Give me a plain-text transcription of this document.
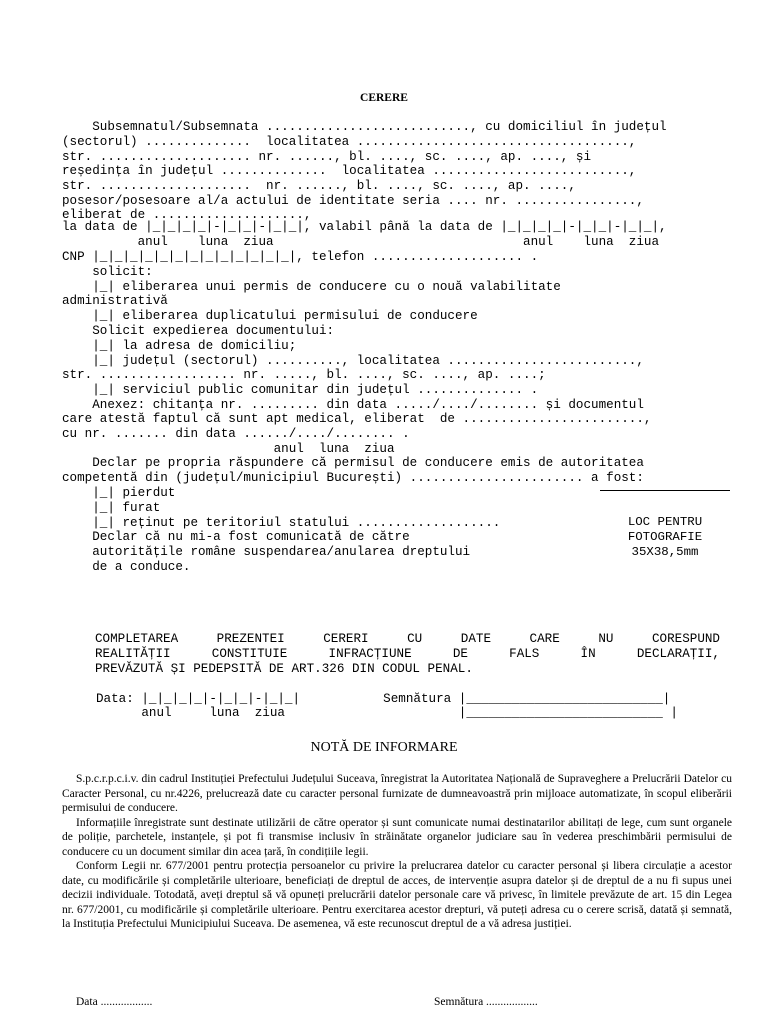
CERERE
Subsemnatul/Subsemnata ..........................., cu domiciliul în județul
(sectorul) ..............  localitatea ....................................,
str. .................... nr. ......, bl. ...., sc. ...., ap. ...., și
reședința în județul ..............  localitatea ..........................,
str. ....................  nr. ......, bl. ...., sc. ...., ap. ....,
posesor/posesoare al/a actului de identitate seria .... nr. ................,
eliberat de ....................,
la data de |_|_|_|_|-|_|_|-|_|_|, valabil până la data de |_|_|_|_|-|_|_|-|_|_|,
anul    luna  ziua                                 anul    luna  ziua
CNP |_|_|_|_|_|_|_|_|_|_|_|_|_|, telefon .................... .
solicit:
|_| eliberarea unui permis de conducere cu o nouă valabilitate
administrativă
|_| eliberarea duplicatului permisului de conducere
Solicit expedierea documentului:
|_| la adresa de domiciliu;
|_| județul (sectorul) .........., localitatea .........................,
str. .................. nr. ....., bl. ...., sc. ...., ap. ....;
|_| serviciul public comunitar din județul .............. .
Anexez: chitanța nr. ......... din data ...../..../........ și documentul
care atestă faptul că sunt apt medical, eliberat  de ........................,
cu nr. ....... din data ....../..../........ .
anul  luna  ziua
Declar pe propria răspundere că permisul de conducere emis de autoritatea
competentă din (județul/municipiul București) ....................... a fost:
|_| pierdut
|_| furat
|_| reținut pe teritoriul statului ...................
Declar că nu mi-a fost comunicată de către
autoritățile române suspendarea/anularea dreptului
de a conduce.
LOC PENTRU
FOTOGRAFIE
35X38,5mm
COMPLETAREA PREZENTEI CERERI CU DATE CARE NU CORESPUND
REALITĂȚII CONSTITUIE INFRACȚIUNE DE FALS ÎN DECLARAȚII,
PREVĂZUTĂ ȘI PEDEPSITĂ DE ART.326 DIN CODUL PENAL.
Data: |_|_|_|_|-|_|_|-|_|_|           Semnătura |__________________________|
anul     luna  ziua                       |__________________________ |
NOTĂ DE INFORMARE

S.p.c.r.p.c.i.v. din cadrul Instituției Prefectului Județului Suceava, înregistrat la Autoritatea Națională de Supraveghere a Prelucrării Datelor cu Caracter Personal, cu nr.4226, prelucrează date cu caracter personal furnizate de dumneavoastră prin mijloace automatizate, în scopul eliberării permisului de conducere.

Informațiile înregistrate sunt destinate utilizării de către operator și sunt comunicate numai destinatarilor abilitați de lege, cum sunt organele de poliție, parchetele, instanțele, și pot fi transmise inclusiv în străinătate organelor judiciare sau în vederea preschimbării permisului de conducere cu un document similar din acea țară, în condițiile legii.

Conform Legii nr. 677/2001 pentru protecția persoanelor cu privire la prelucrarea datelor cu caracter personal și libera circulație a acestor date, cu modificările și completările ulterioare, beneficiați de dreptul de acces, de intervenție asupra datelor și de dreptul de a nu fi supus unei decizii individuale. Totodată, aveți dreptul să vă opuneți prelucrării datelor personale care vă privesc, în limitele prevăzute de art. 15 din Legea nr. 677/2001, cu modificările și completările ulterioare. Pentru exercitarea acestor drepturi, vă puteți adresa cu o cerere scrisă, datată și semnată, la Instituția Prefectului Municipiului Suceava. De asemenea, vă este recunoscut dreptul de a vă adresa justiției.

Data ..................	Semnătura ..................
